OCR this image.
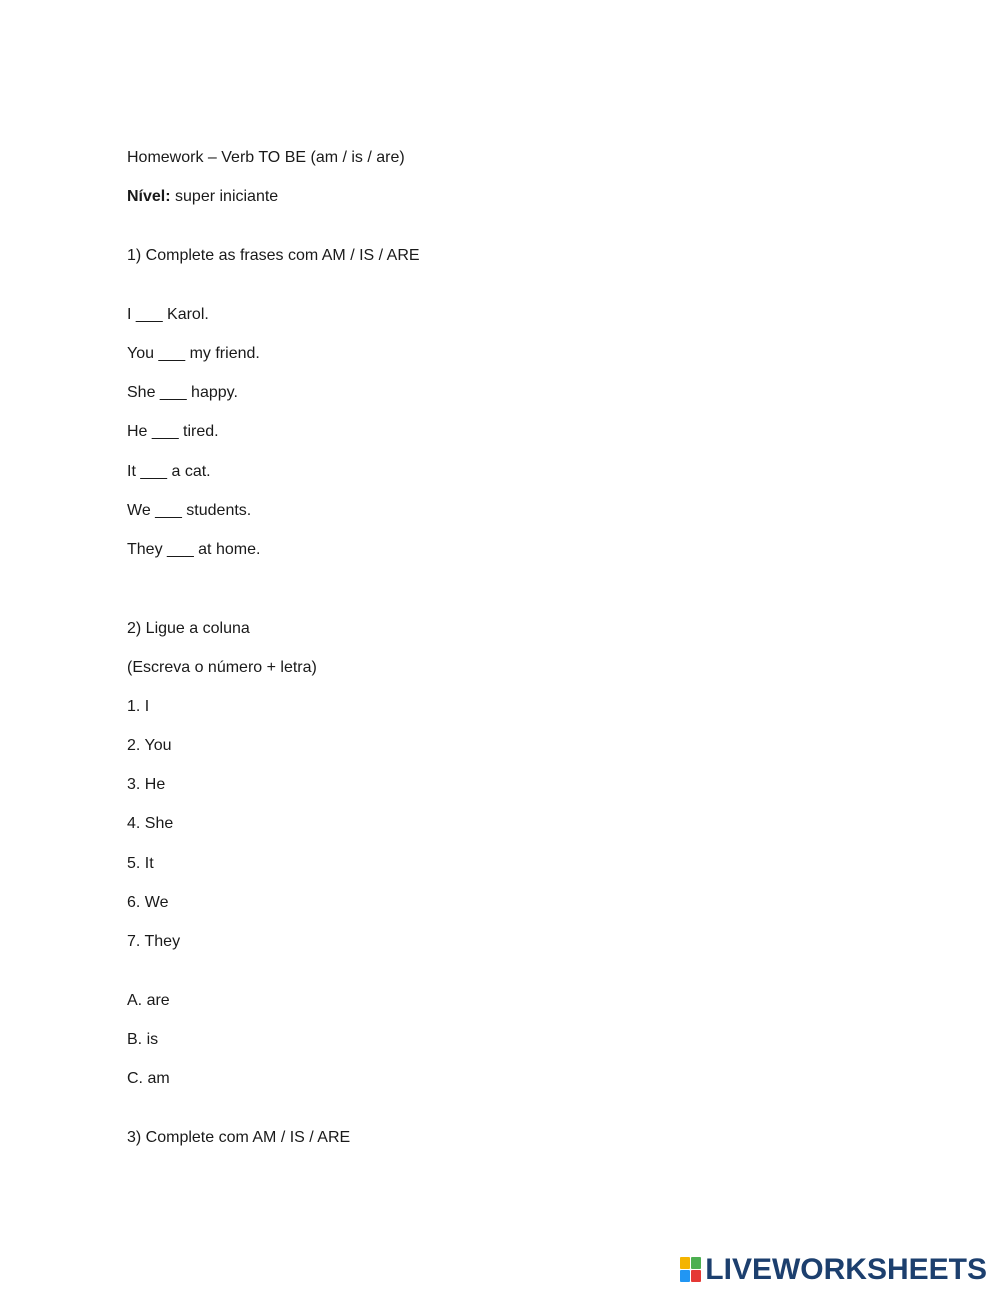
Homework – Verb TO BE (am / is / are)
Nível: super iniciante
1) Complete as frases com AM / IS / ARE
I ___ Karol.
You ___ my friend.
She ___ happy.
He ___ tired.
It ___ a cat.
We ___ students.
They ___ at home.
2) Ligue a coluna
(Escreva o número + letra)
1. I
2. You
3. He
4. She
5. It
6. We
7. They
A. are
B. is
C. am
3) Complete com AM / IS / ARE
LIVEWORKSHEETS
